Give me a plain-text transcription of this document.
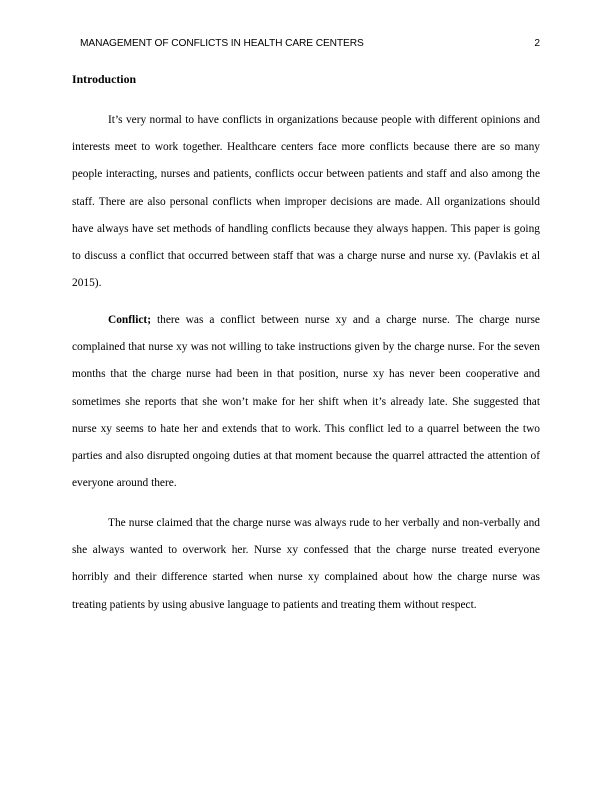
MANAGEMENT OF CONFLICTS IN HEALTH CARE CENTERS	2
Introduction

It’s very normal to have conflicts in organizations because people with different opinions and interests meet to work together. Healthcare centers face more conflicts because there are so many people interacting, nurses and patients, conflicts occur between patients and staff and also among the staff. There are also personal conflicts when improper decisions are made. All organizations should have always have set methods of handling conflicts because they always happen. This paper is going to discuss a conflict that occurred between staff that was a charge nurse and nurse xy. (Pavlakis et al 2015).

Conflict; there was a conflict between nurse xy and a charge nurse. The charge nurse complained that nurse xy was not willing to take instructions given by the charge nurse. For the seven months that the charge nurse had been in that position, nurse xy has never been cooperative and sometimes she reports that she won’t make for her shift when it’s already late. She suggested that nurse xy seems to hate her and extends that to work. This conflict led to a quarrel between the two parties and also disrupted ongoing duties at that moment because the quarrel attracted the attention of everyone around there.

The nurse claimed that the charge nurse was always rude to her verbally and non-verbally and she always wanted to overwork her. Nurse xy confessed that the charge nurse treated everyone horribly and their difference started when nurse xy complained about how the charge nurse was treating patients by using abusive language to patients and treating them without respect.
